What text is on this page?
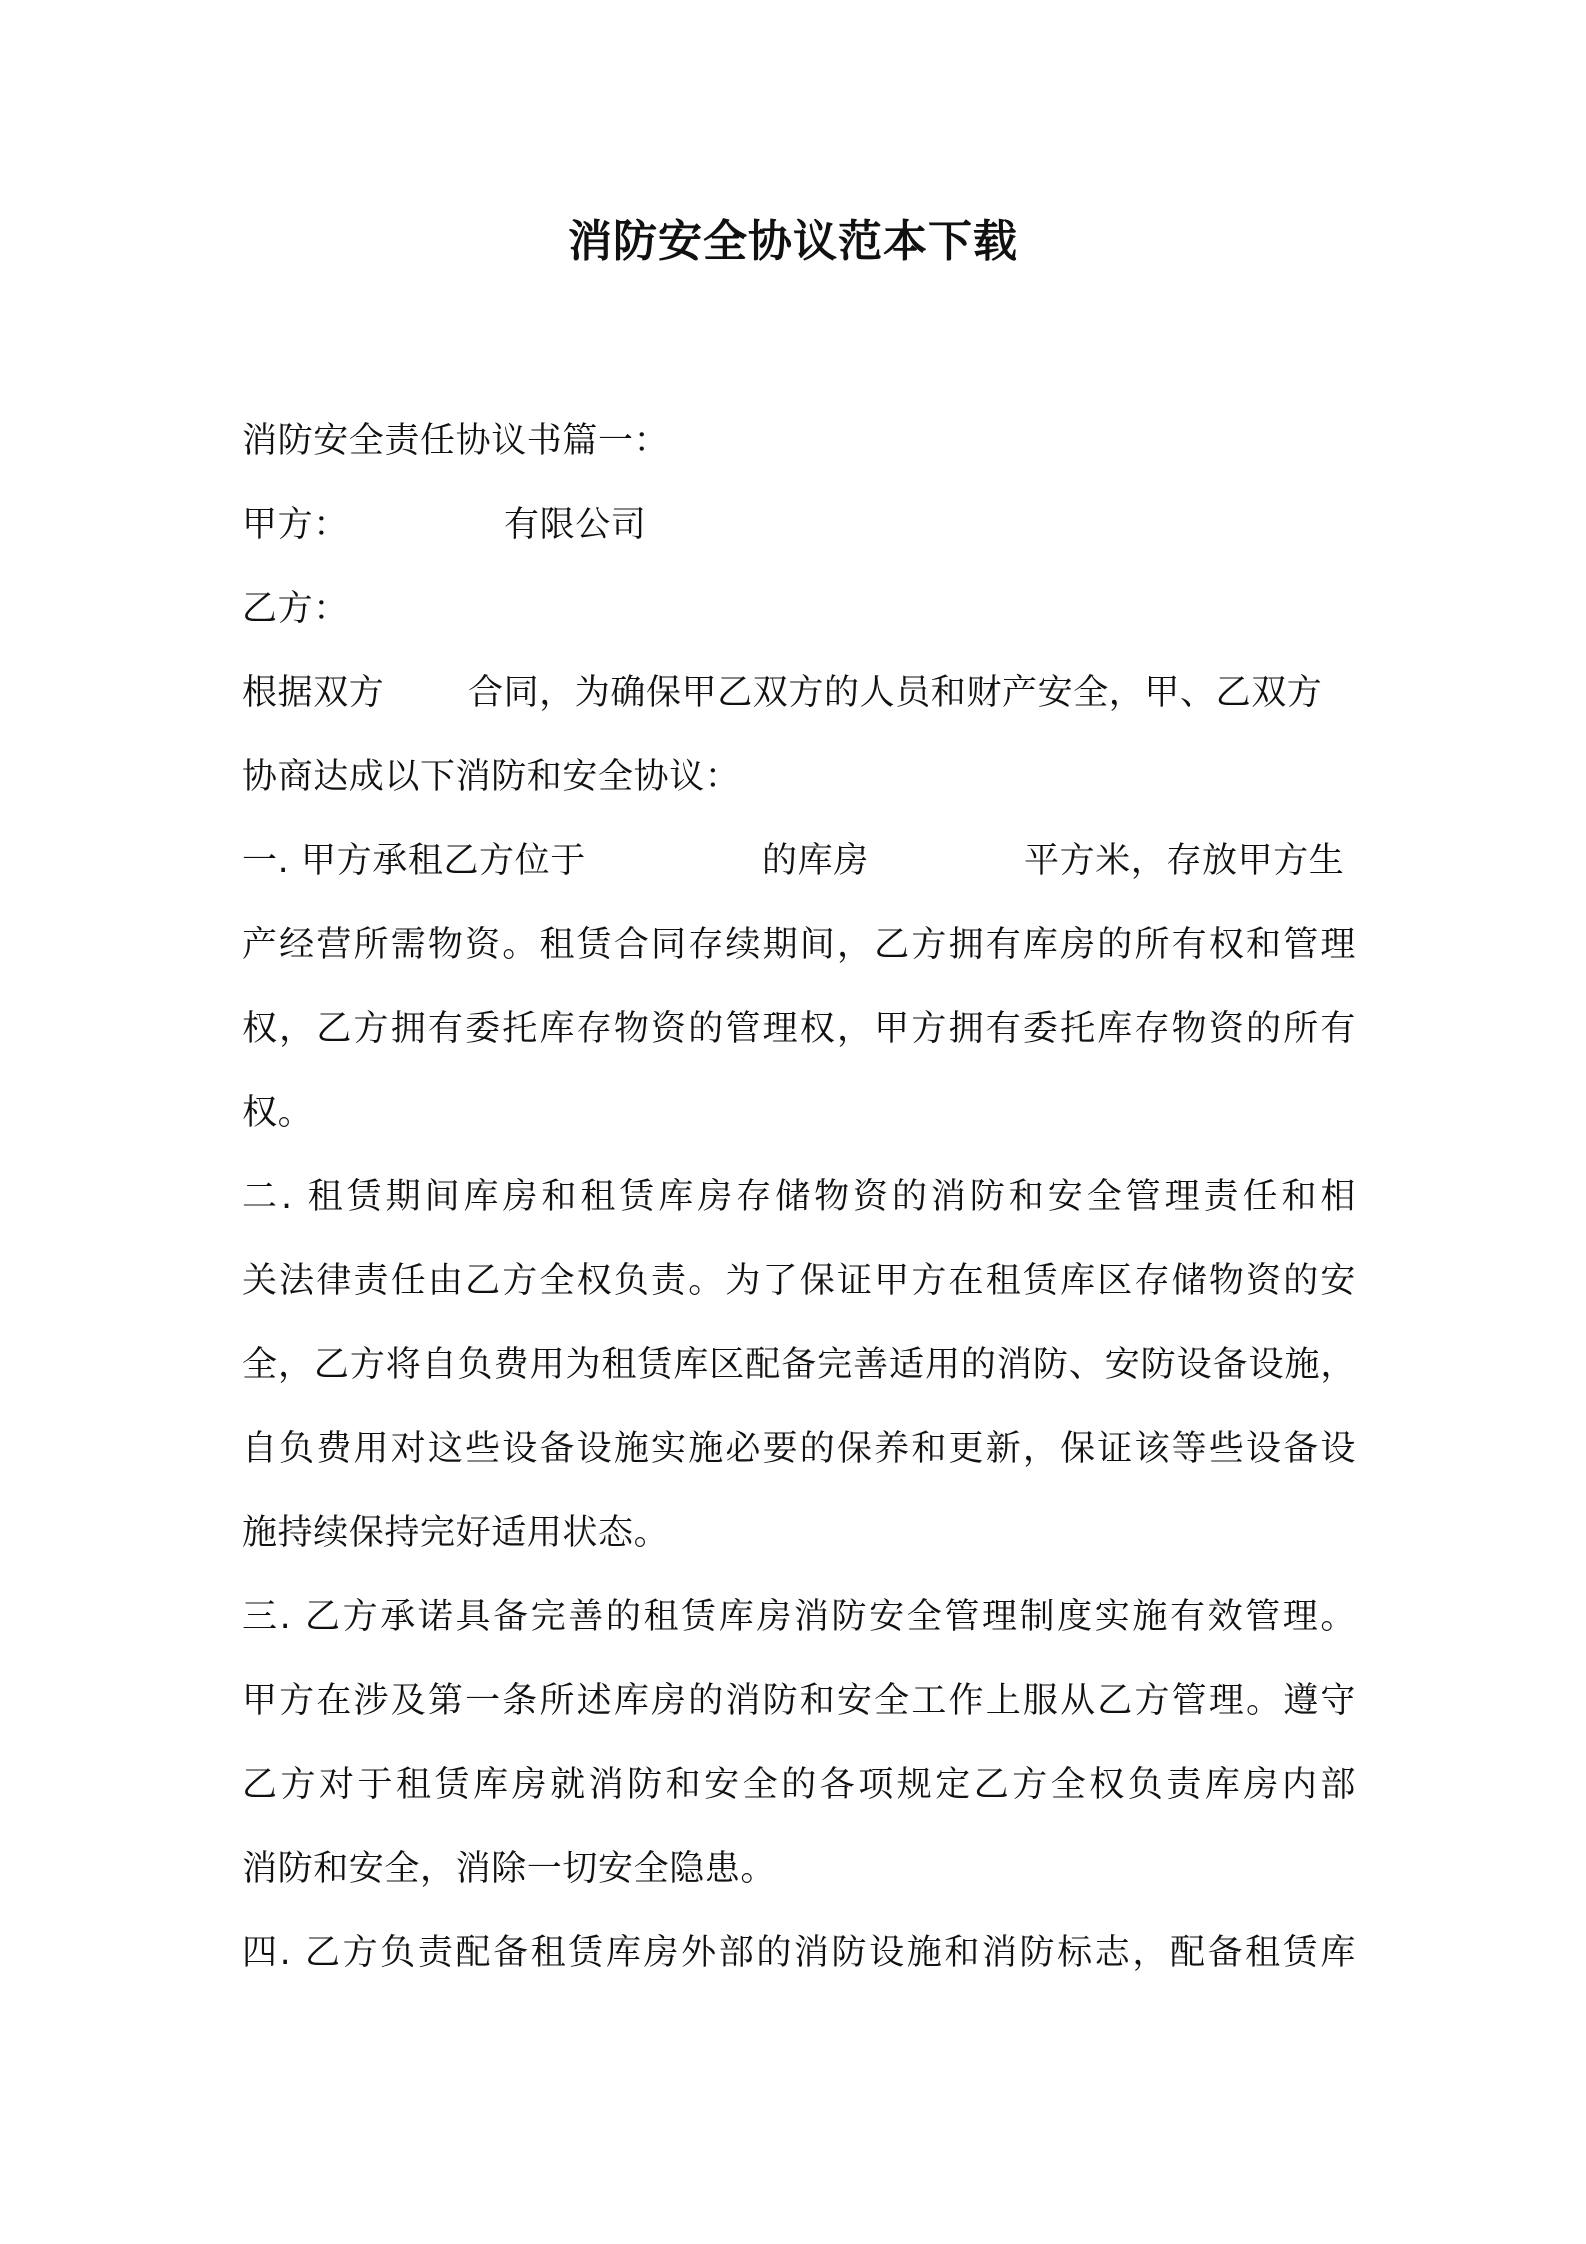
消防安全协议范本下载
消防安全责任协议书篇一：
甲方：	有限公司
乙方：
根据双方 合同，为确保甲乙双方的人员和财产安全，甲、乙双方
协商达成以下消防和安全协议：
一. 甲方承租乙方位于	的库房	平方米，存放甲方生
产经营所需物资。租赁合同存续期间，乙方拥有库房的所有权和管理
权，乙方拥有委托库存物资的管理权，甲方拥有委托库存物资的所有
权。
二. 租赁期间库房和租赁库房存储物资的消防和安全管理责任和相
关法律责任由乙方全权负责。为了保证甲方在租赁库区存储物资的安
全，乙方将自负费用为租赁库区配备完善适用的消防、安防设备设施，
自负费用对这些设备设施实施必要的保养和更新，保证该等些设备设
施持续保持完好适用状态。
三. 乙方承诺具备完善的租赁库房消防安全管理制度实施有效管理。
甲方在涉及第一条所述库房的消防和安全工作上服从乙方管理。遵守
乙方对于租赁库房就消防和安全的各项规定乙方全权负责库房内部
消防和安全，消除一切安全隐患。
四. 乙方负责配备租赁库房外部的消防设施和消防标志，配备租赁库
